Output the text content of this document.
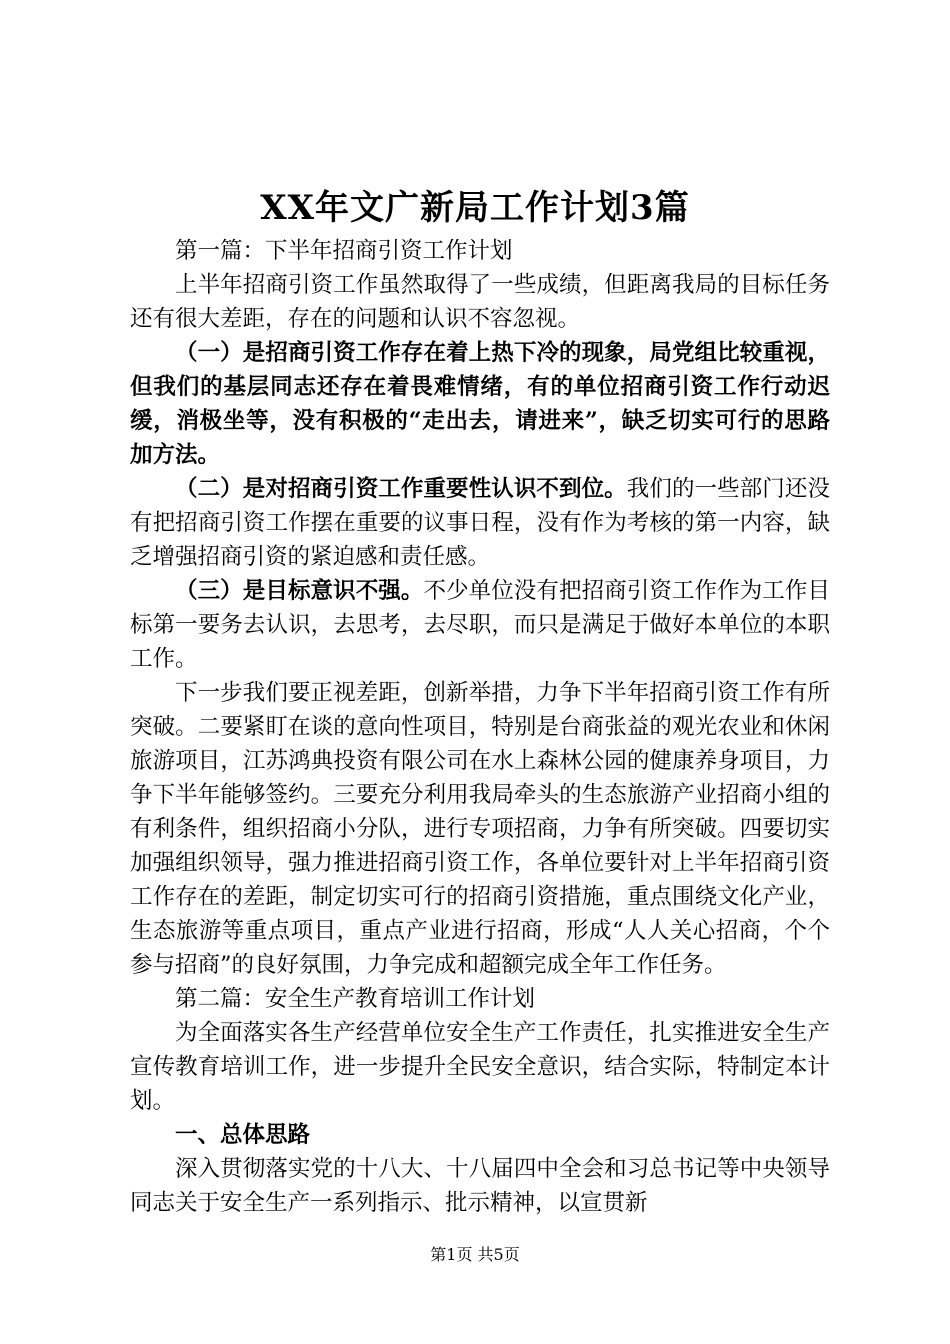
XX年文广新局工作计划3篇

第一篇：下半年招商引资工作计划

上半年招商引资工作虽然取得了一些成绩，但距离我局的目标任务还有很大差距，存在的问题和认识不容忽视。

（一）是招商引资工作存在着上热下冷的现象，局党组比较重视，但我们的基层同志还存在着畏难情绪，有的单位招商引资工作行动迟缓，消极坐等，没有积极的“走出去，请进来”，缺乏切实可行的思路加方法。

（二）是对招商引资工作重要性认识不到位。我们的一些部门还没有把招商引资工作摆在重要的议事日程，没有作为考核的第一内容，缺乏增强招商引资的紧迫感和责任感。

（三）是目标意识不强。不少单位没有把招商引资工作作为工作目标第一要务去认识，去思考，去尽职，而只是满足于做好本单位的本职工作。

下一步我们要正视差距，创新举措，力争下半年招商引资工作有所突破。二要紧盯在谈的意向性项目，特别是台商张益的观光农业和休闲旅游项目，江苏鸿典投资有限公司在水上森林公园的健康养身项目，力争下半年能够签约。三要充分利用我局牵头的生态旅游产业招商小组的有利条件，组织招商小分队，进行专项招商，力争有所突破。四要切实加强组织领导，强力推进招商引资工作，各单位要针对上半年招商引资工作存在的差距，制定切实可行的招商引资措施，重点围绕文化产业，生态旅游等重点项目，重点产业进行招商，形成“人人关心招商，个个参与招商”的良好氛围，力争完成和超额完成全年工作任务。

第二篇：安全生产教育培训工作计划

为全面落实各生产经营单位安全生产工作责任，扎实推进安全生产宣传教育培训工作，进一步提升全民安全意识，结合实际，特制定本计划。

一、总体思路

深入贯彻落实党的十八大、十八届四中全会和习总书记等中央领导同志关于安全生产一系列指示、批示精神，以宣贯新

第1页 共5页
